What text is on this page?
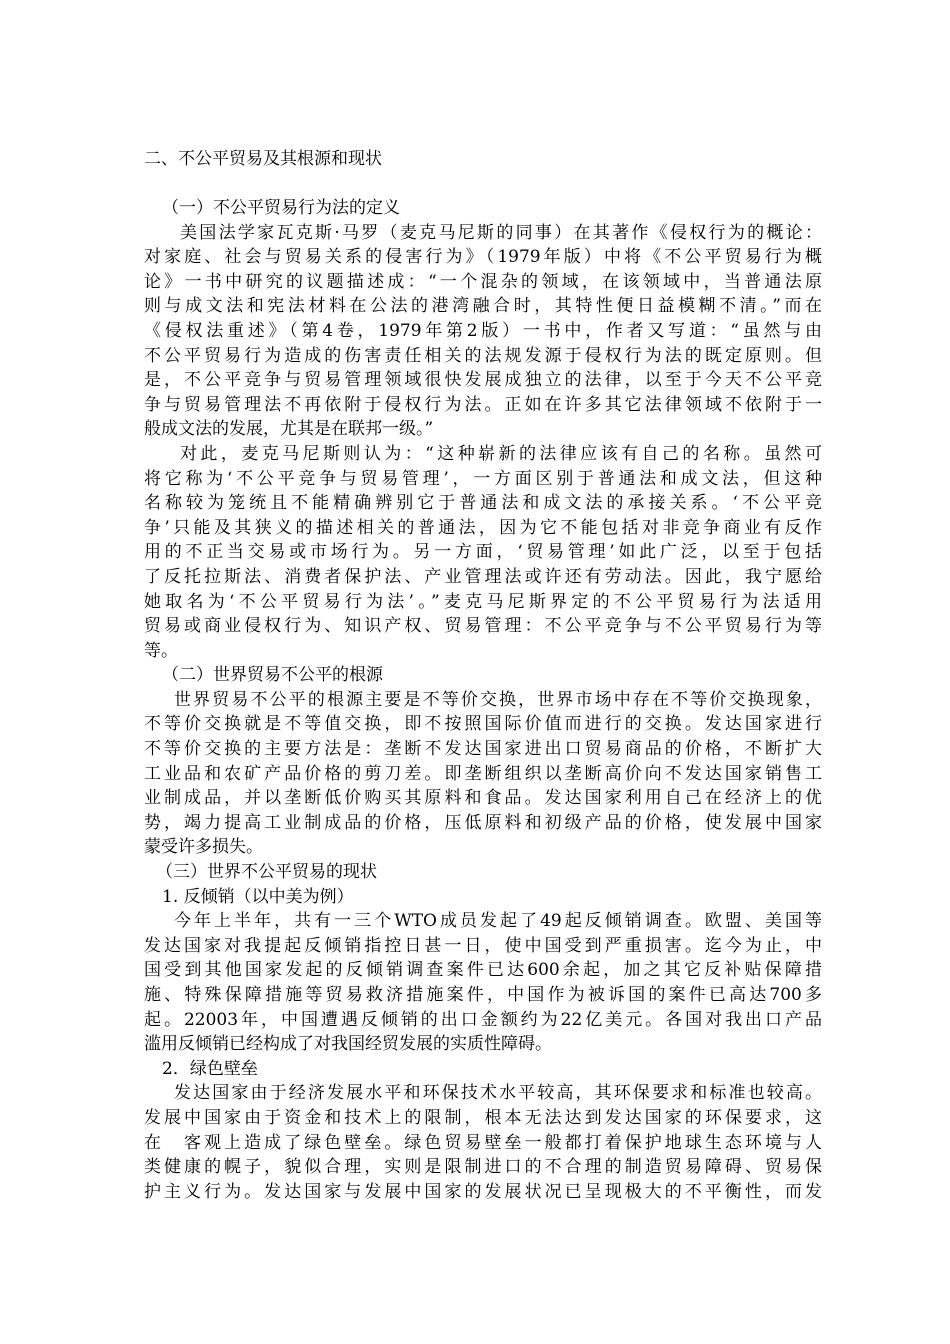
二、不公平贸易及其根源和现状
（一）不公平贸易行为法的定义
美国法学家瓦克斯·马罗（麦克马尼斯的同事）在其著作《侵权行为的概论：
对家庭、社会与贸易关系的侵害行为》（1979年版）中将《不公平贸易行为概
论》一书中研究的议题描述成：“一个混杂的领域，在该领域中，当普通法原
则与成文法和宪法材料在公法的港湾融合时，其特性便日益模糊不清。”而在
《侵权法重述》（第4卷，1979年第2版）一书中，作者又写道：“虽然与由
不公平贸易行为造成的伤害责任相关的法规发源于侵权行为法的既定原则。但
是，不公平竞争与贸易管理领域很快发展成独立的法律，以至于今天不公平竞
争与贸易管理法不再依附于侵权行为法。正如在许多其它法律领域不依附于一
般成文法的发展，尤其是在联邦一级。”
对此，麦克马尼斯则认为：“这种崭新的法律应该有自己的名称。虽然可
将它称为‘不公平竞争与贸易管理’，一方面区别于普通法和成文法，但这种
名称较为笼统且不能精确辨别它于普通法和成文法的承接关系。‘不公平竞
争’只能及其狭义的描述相关的普通法，因为它不能包括对非竞争商业有反作
用的不正当交易或市场行为。另一方面，‘贸易管理’如此广泛，以至于包括
了反托拉斯法、消费者保护法、产业管理法或许还有劳动法。因此，我宁愿给
她取名为‘不公平贸易行为法’。”麦克马尼斯界定的不公平贸易行为法适用
贸易或商业侵权行为、知识产权、贸易管理：不公平竞争与不公平贸易行为等
等。
（二）世界贸易不公平的根源
世界贸易不公平的根源主要是不等价交换，世界市场中存在不等价交换现象，
不等价交换就是不等值交换，即不按照国际价值而进行的交换。发达国家进行
不等价交换的主要方法是：垄断不发达国家进出口贸易商品的价格，不断扩大
工业品和农矿产品价格的剪刀差。即垄断组织以垄断高价向不发达国家销售工
业制成品，并以垄断低价购买其原料和食品。发达国家利用自己在经济上的优
势，竭力提高工业制成品的价格，压低原料和初级产品的价格，使发展中国家
蒙受许多损失。
（三）世界不公平贸易的现状
1. 反倾销（以中美为例）
今年上半年，共有一三个WTO成员发起了49起反倾销调查。欧盟、美国等
发达国家对我提起反倾销指控日甚一日，使中国受到严重损害。迄今为止，中
国受到其他国家发起的反倾销调查案件已达600余起，加之其它反补贴保障措
施、特殊保障措施等贸易救济措施案件，中国作为被诉国的案件已高达700多
起。22003年，中国遭遇反倾销的出口金额约为22亿美元。各国对我出口产品
滥用反倾销已经构成了对我国经贸发展的实质性障碍。
2．绿色壁垒
发达国家由于经济发展水平和环保技术水平较高，其环保要求和标准也较高。
发展中国家由于资金和技术上的限制，根本无法达到发达国家的环保要求，这
在　客观上造成了绿色壁垒。绿色贸易壁垒一般都打着保护地球生态环境与人
类健康的幌子，貌似合理，实则是限制进口的不合理的制造贸易障碍、贸易保
护主义行为。发达国家与发展中国家的发展状况已呈现极大的不平衡性，而发
